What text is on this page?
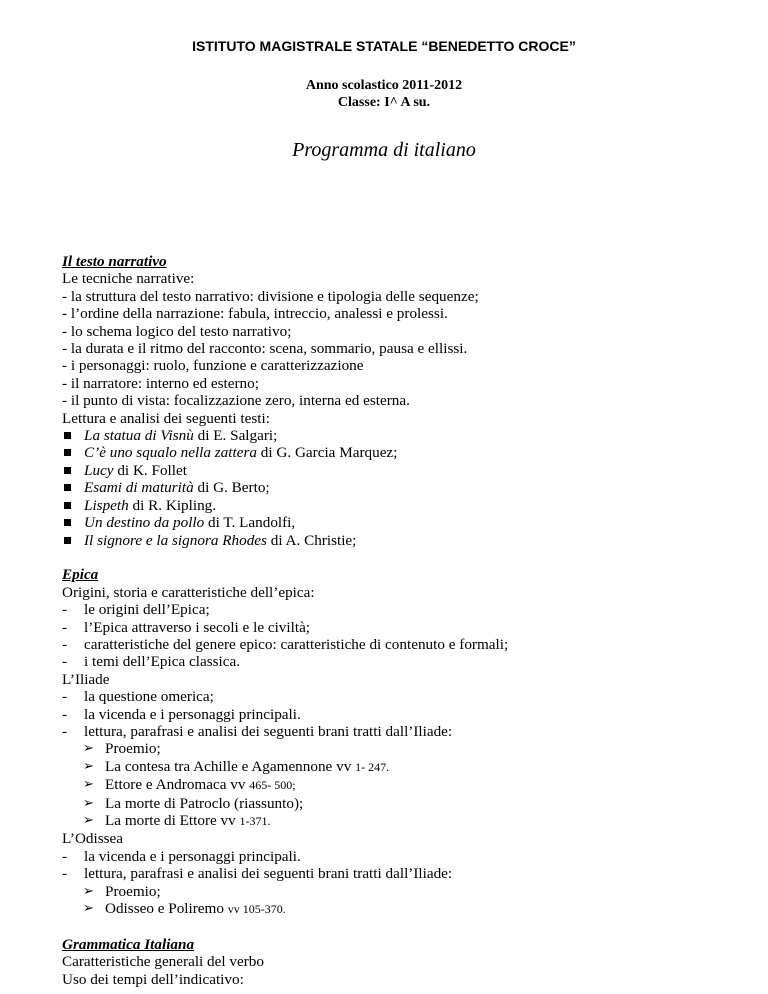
ISTITUTO MAGISTRALE STATALE “BENEDETTO CROCE”
Anno scolastico 2011-2012
Classe: I^ A su.
Programma di italiano
Il testo narrativo
Le tecniche narrative:
- la struttura del testo narrativo: divisione e tipologia delle sequenze;
- l’ordine della narrazione: fabula, intreccio, analessi e prolessi.
- lo schema logico del testo narrativo;
- la durata e il ritmo del racconto: scena, sommario, pausa e ellissi.
- i personaggi: ruolo, funzione e caratterizzazione
- il narratore: interno ed esterno;
- il punto di vista: focalizzazione zero, interna ed esterna.
Lettura e analisi dei seguenti testi:
La statua di Visnù di E. Salgari;
C’è uno squalo nella zattera di G. Garcia Marquez;
Lucy di K. Follet
Esami di maturità di G. Berto;
Lispeth di R. Kipling.
Un destino da pollo di T. Landolfi,
Il signore e la signora Rhodes di A. Christie;
Epica
Origini, storia e caratteristiche dell’epica:
- le origini dell’Epica;
- l’Epica attraverso i secoli e le civiltà;
- caratteristiche del genere epico: caratteristiche di contenuto e formali;
- i temi dell’Epica classica.
L’Iliade
- la questione omerica;
- la vicenda e i personaggi principali.
- lettura, parafrasi e analisi dei seguenti brani tratti dall’Iliade:
➢ Proemio;
➢ La contesa tra Achille e Agamennone vv 1- 247.
➢ Ettore e Andromaca vv 465- 500;
➢ La morte di Patroclo (riassunto);
➢ La morte di Ettore vv 1-371.
L’Odissea
- la vicenda e i personaggi principali.
- lettura, parafrasi e analisi dei seguenti brani tratti dall’Iliade:
➢ Proemio;
➢ Odisseo e Poliremo vv 105-370.
Grammatica Italiana
Caratteristiche generali del verbo
Uso dei tempi dell’indicativo:
